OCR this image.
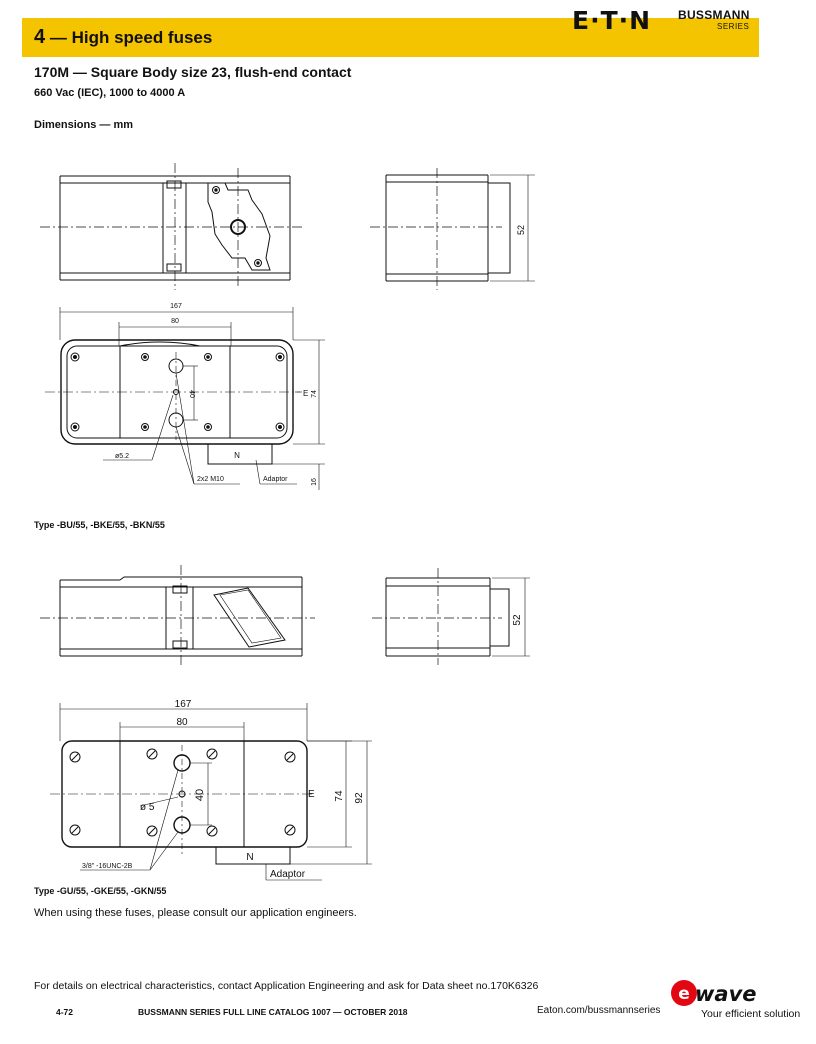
4 — High speed fuses
E·T·N BUSSMANN
SERIES
170M — Square Body size 23, flush-end contact
660 Vac (IEC), 1000 to 4000 A
Dimensions — mm
52
167
80
40	74
E
N
ø5.2
2x2 M10	Adaptor	16
52
167
80
40	74 92
E
N
ø 5
3/8" -16UNC-2B
Adaptor
Type -BU/55, -BKE/55, -BKN/55
Type -GU/55, -GKE/55, -GKN/55
When using these fuses, please consult our application engineers.
For details on electrical characteristics, contact Application Engineering and ask for Data sheet no.170K6326
4-72	BUSSMANN SERIES FULL LINE CATALOG 1007 — OCTOBER 2018	Eaton.com/bussmannseries
e wave
Your efficient solution
